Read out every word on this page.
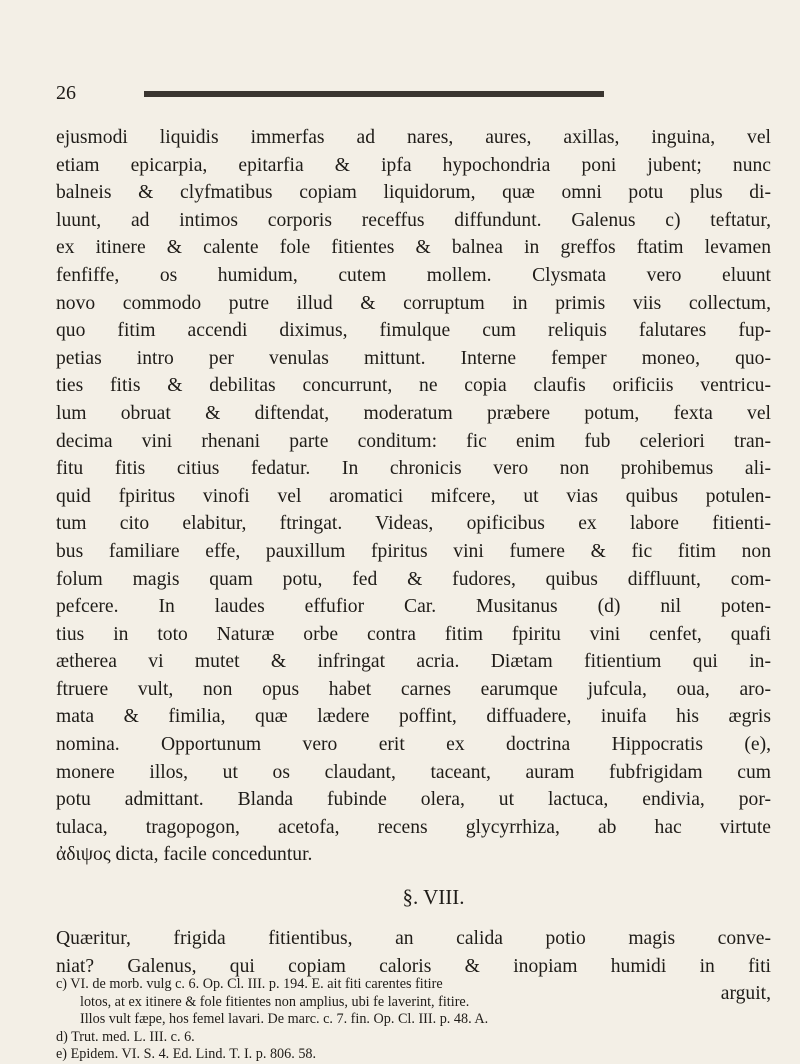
26
ejusmodi liquidis immerfas ad nares, aures, axillas, inguina, vel
etiam epicarpia, epitarfia & ipfa hypochondria poni jubent; nunc
balneis & clyfmatibus copiam liquidorum, quæ omni potu plus di-
luunt, ad intimos corporis receffus diffundunt. Galenus c) teftatur,
ex itinere & calente fole fitientes & balnea in greffos ftatim levamen
fenfiffe, os humidum, cutem mollem. Clysmata vero eluunt
novo commodo putre illud & corruptum in primis viis collectum,
quo fitim accendi diximus, fimulque cum reliquis falutares fup-
petias intro per venulas mittunt. Interne femper moneo, quo-
ties fitis & debilitas concurrunt, ne copia claufis orificiis ventricu-
lum obruat & diftendat, moderatum præbere potum, fexta vel
decima vini rhenani parte conditum: fic enim fub celeriori tran-
fitu fitis citius fedatur. In chronicis vero non prohibemus ali-
quid fpiritus vinofi vel aromatici mifcere, ut vias quibus potulen-
tum cito elabitur, ftringat. Videas, opificibus ex labore fitienti-
bus familiare effe, pauxillum fpiritus vini fumere & fic fitim non
folum magis quam potu, fed & fudores, quibus diffluunt, com-
pefcere. In laudes effufior Car. Musitanus (d) nil poten-
tius in toto Naturæ orbe contra fitim fpiritu vini cenfet, quafi
ætherea vi mutet & infringat acria. Diætam fitientium qui in-
ftruere vult, non opus habet carnes earumque jufcula, oua, aro-
mata & fimilia, quæ lædere poffint, diffuadere, inuifa his ægris
nomina. Opportunum vero erit ex doctrina Hippocratis (e),
monere illos, ut os claudant, taceant, auram fubfrigidam cum
potu admittant. Blanda fubinde olera, ut lactuca, endivia, por-
tulaca, tragopogon, acetofa, recens glycyrrhiza, ab hac virtute
ἀδιψος dicta, facile conceduntur.
§. VIII.
Quæritur, frigida fitientibus, an calida potio magis conve-
niat? Galenus, qui copiam caloris & inopiam humidi in fiti
arguit,
c) VI. de morb. vulg c. 6. Op. Cl. III. p. 194. E. ait fiti carentes fitire
lotos, at ex itinere & fole fitientes non amplius, ubi fe laverint, fitire.
Illos vult fæpe, hos femel lavari. De marc. c. 7. fin. Op. Cl. III. p. 48. A.
d) Trut. med. L. III. c. 6.
e) Epidem. VI. S. 4. Ed. Lind. T. I. p. 806. 58.
